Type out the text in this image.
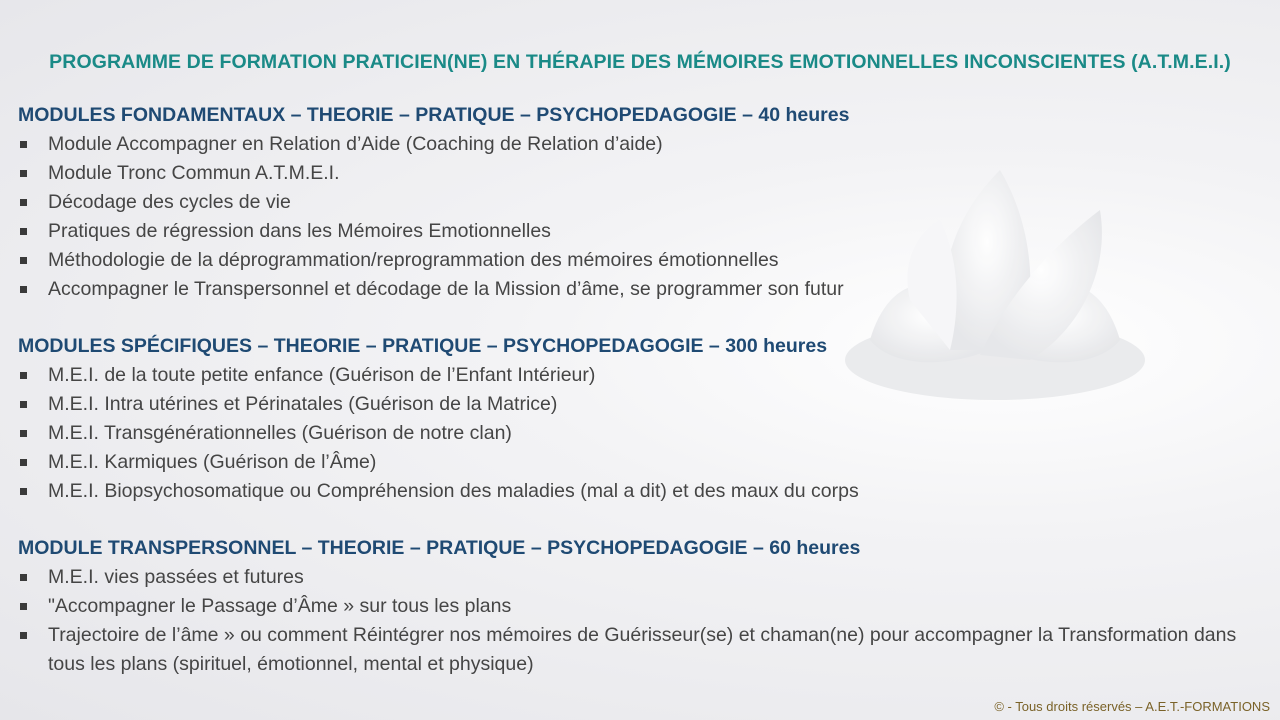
PROGRAMME DE FORMATION PRATICIEN(NE) EN THÉRAPIE DES MÉMOIRES EMOTIONNELLES INCONSCIENTES (A.T.M.E.I.)
MODULES FONDAMENTAUX – THEORIE – PRATIQUE – PSYCHOPEDAGOGIE – 40 heures
Module Accompagner en Relation d’Aide (Coaching de Relation d’aide)
Module Tronc Commun A.T.M.E.I.
Décodage des cycles de vie
Pratiques de régression dans les Mémoires Emotionnelles
Méthodologie de la déprogrammation/reprogrammation des mémoires émotionnelles
Accompagner le Transpersonnel et décodage de la Mission d’âme, se programmer son futur
MODULES SPÉCIFIQUES – THEORIE – PRATIQUE – PSYCHOPEDAGOGIE – 300 heures
M.E.I. de la toute petite enfance (Guérison de l’Enfant Intérieur)
M.E.I. Intra utérines et Périnatales (Guérison de la Matrice)
M.E.I. Transgénérationnelles (Guérison de notre clan)
M.E.I. Karmiques (Guérison de l’Âme)
M.E.I. Biopsychosomatique ou Compréhension des maladies (mal a dit) et des maux du corps
MODULE TRANSPERSONNEL – THEORIE – PRATIQUE – PSYCHOPEDAGOGIE – 60 heures
M.E.I. vies passées et futures
"Accompagner le Passage d’Âme » sur tous les plans
Trajectoire de l’âme » ou comment Réintégrer nos mémoires de Guérisseur(se) et chaman(ne) pour accompagner la Transformation dans tous les plans (spirituel, émotionnel, mental et physique)
© - Tous droits réservés – A.E.T.-FORMATIONS
